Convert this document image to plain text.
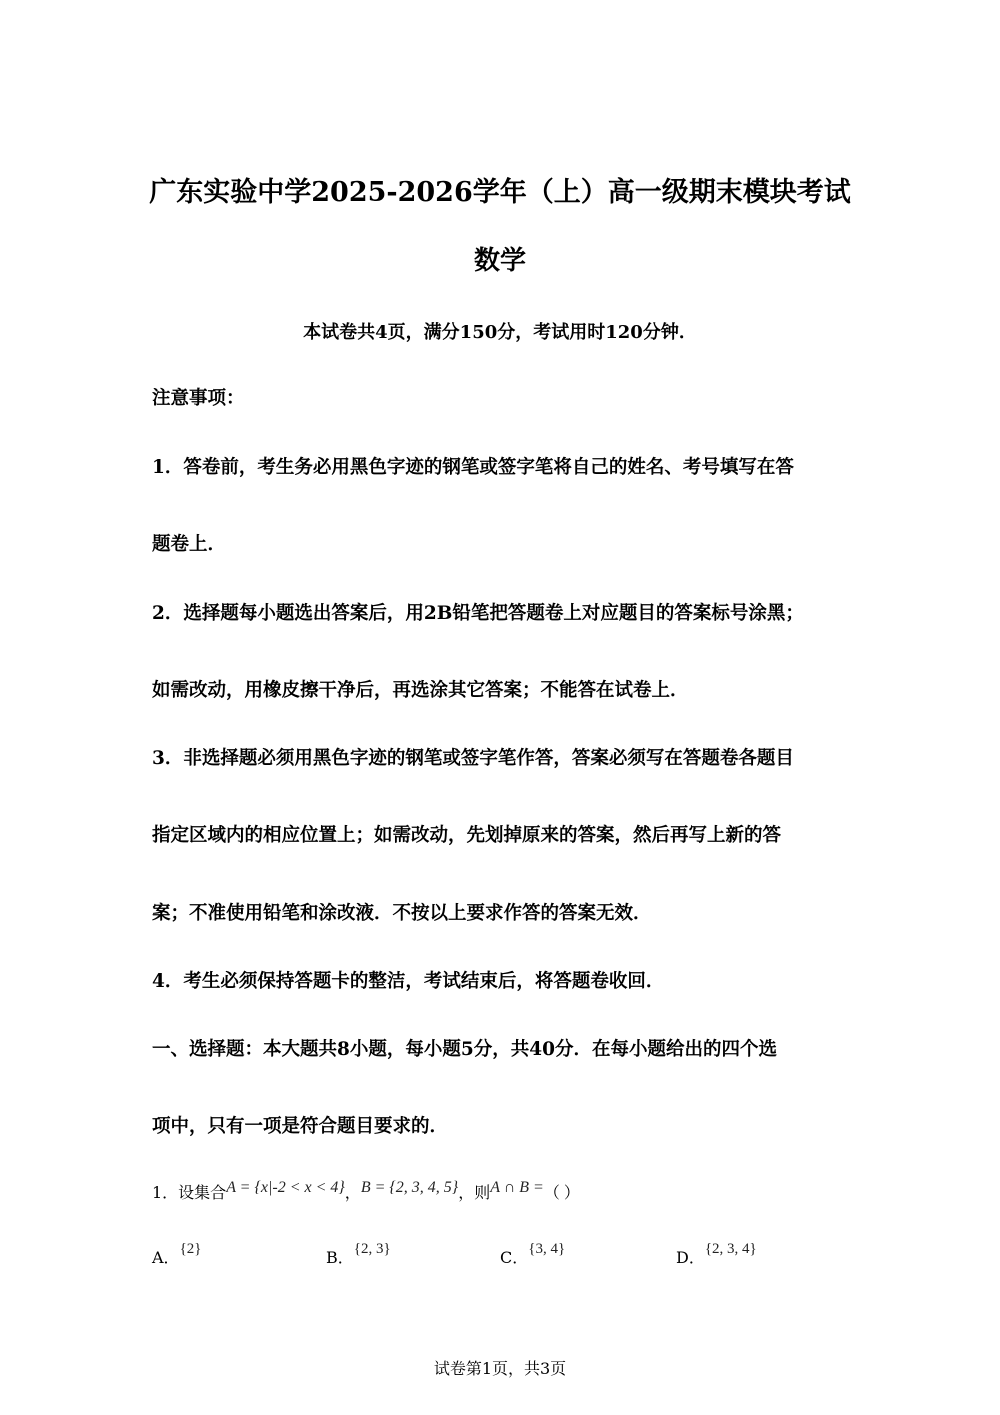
广东实验中学2025-2026学年（上）高一级期末模块考试
数学
本试卷共4页，满分150分，考试用时120分钟．
注意事项：
1．答卷前，考生务必用黑色字迹的钢笔或签字笔将自己的姓名、考号填写在答
题卷上．
2．选择题每小题选出答案后，用2B铅笔把答题卷上对应题目的答案标号涂黑；
如需改动，用橡皮擦干净后，再选涂其它答案；不能答在试卷上．
3．非选择题必须用黑色字迹的钢笔或签字笔作答，答案必须写在答题卷各题目
指定区域内的相应位置上；如需改动，先划掉原来的答案，然后再写上新的答
案；不准使用铅笔和涂改液．不按以上要求作答的答案无效．
4．考生必须保持答题卡的整洁，考试结束后，将答题卷收回．
一、选择题：本大题共8小题，每小题5分，共40分．在每小题给出的四个选
项中，只有一项是符合题目要求的．
1．设集合A = {x|-2 < x < 4}，B = {2, 3, 4, 5}，则A ∩ B =（ ）
A．{2}	B．{2, 3}	C．{3, 4}	D．{2, 3, 4}
试卷第1页，共3页
